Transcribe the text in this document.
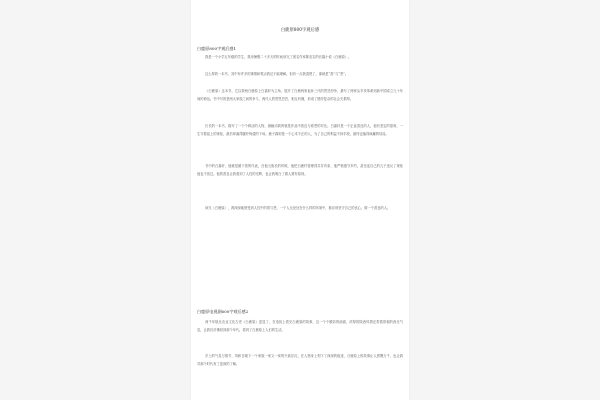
白鹿原800字观后感
白鹿原800字观后感1

我是一个小学五年级的学生，我用暑假二十多天的时间读完了著名作家陈忠实的长篇小说《白鹿原》。

这么厚的一本书，其中有许多的事情和观点我还不能理解，但有一点我清楚了，那就是“善”与“恶”。

《白鹿原》这本书，它以我两白鹿原上白嘉轩为主角，展开了白鹿两家祖孙三代的恩怨纷争，最写了两家从辛亥革命到新中国成立几十年间的命运。书中写的是两大家族之间的争斗，两代人的恩恩怨怨，相互纠缠，形成了错综复杂的社会关系网。

长长的一本书，描写了一个个鲜活的人物，最触动我的就是作品中善良与邪恶的对比。白嘉轩是一个正直善良的人，他有坚定的原则，一生守着祖上的规矩，最后却落得腰杆佝偻的下场。鹿子霖则是一个心术不正的人，为了自己的利益不择手段，最终也落得疯癫的结局。

书中的白嘉轩，他就是属于善的代表，在他当族长的时候，他把白鹿村管理得井井有条，他严格遵守乡约，甚至连自己的儿子违反了规矩他也不放过。他的善良让我看到了人性的光辉，也让我明白了做人要有原则。

读完《白鹿原》，我深深地感受到人性中的善与恶，一个人无论处在什么样的环境中，都应该坚守自己的良心，做一个善良的人。

白鹿原电视剧600字观后感2

两千年陕北农业文化古老《白鹿原》更显了，在电视上看完白鹿原的故事，这一个个精彩的画面，浓厚的陕西风情还带着浓郁的西北气息，让我们仿佛回到那个年代，看到了白鹿原上人们的生活。

乡土的气息与情节，风和日暖下一个家族一家又一家的兴衰浮沉，在人物身上刻下了深深的痕迹，白鹿原上的故事让人感慨万千，也让我对那个时代有了更深的了解。
